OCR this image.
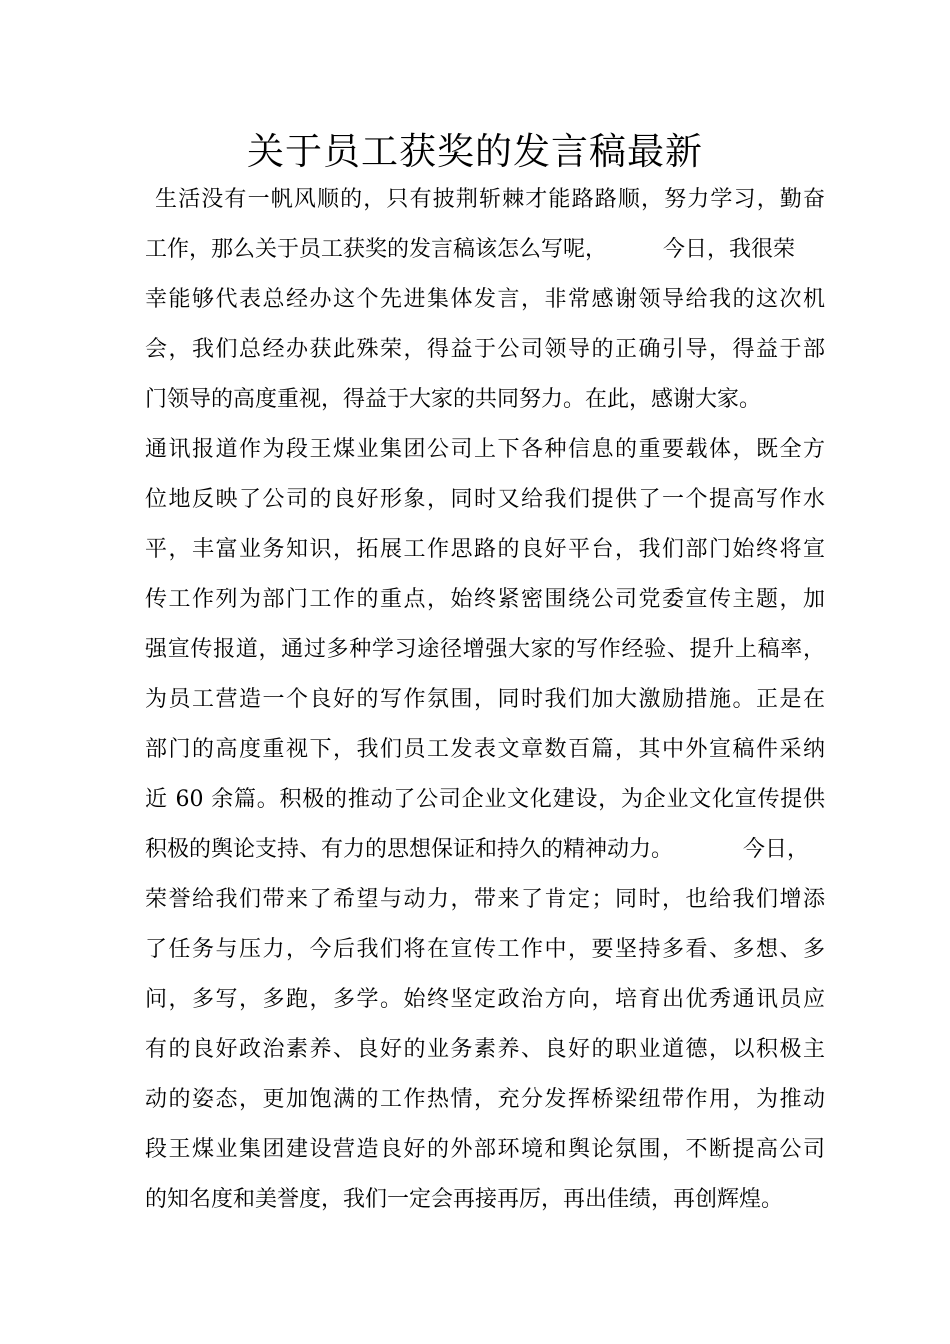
关于员工获奖的发言稿最新
生活没有一帆风顺的，只有披荆斩棘才能路路顺，努力学习，勤奋
工作，那么关于员工获奖的发言稿该怎么写呢，	今日，我很荣
幸能够代表总经办这个先进集体发言，非常感谢领导给我的这次机
会，我们总经办获此殊荣，得益于公司领导的正确引导，得益于部
门领导的高度重视，得益于大家的共同努力。在此，感谢大家。
通讯报道作为段王煤业集团公司上下各种信息的重要载体，既全方
位地反映了公司的良好形象，同时又给我们提供了一个提高写作水
平，丰富业务知识，拓展工作思路的良好平台，我们部门始终将宣
传工作列为部门工作的重点，始终紧密围绕公司党委宣传主题，加
强宣传报道，通过多种学习途径增强大家的写作经验、提升上稿率，
为员工营造一个良好的写作氛围，同时我们加大激励措施。正是在
部门的高度重视下，我们员工发表文章数百篇，其中外宣稿件采纳
近 60 余篇。积极的推动了公司企业文化建设，为企业文化宣传提供
积极的舆论支持、有力的思想保证和持久的精神动力。	今日，
荣誉给我们带来了希望与动力，带来了肯定；同时，也给我们增添
了任务与压力，今后我们将在宣传工作中，要坚持多看、多想、多
问，多写，多跑，多学。始终坚定政治方向，培育出优秀通讯员应
有的良好政治素养、良好的业务素养、良好的职业道德，以积极主
动的姿态，更加饱满的工作热情，充分发挥桥梁纽带作用，为推动
段王煤业集团建设营造良好的外部环境和舆论氛围，不断提高公司
的知名度和美誉度，我们一定会再接再厉，再出佳绩，再创辉煌。
